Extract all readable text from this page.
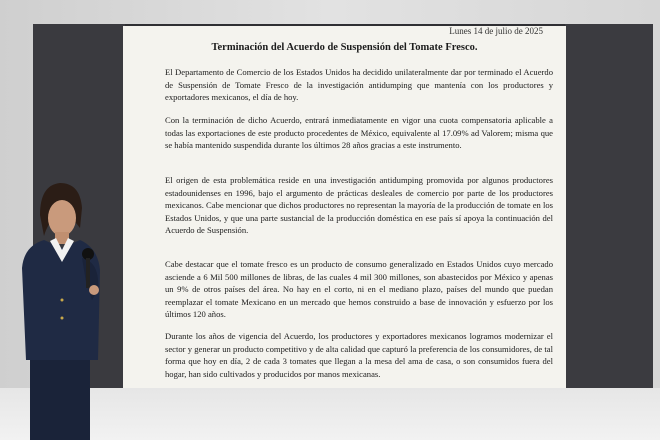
Lunes 14 de julio de 2025
Terminación del Acuerdo de Suspensión del Tomate Fresco.

El Departamento de Comercio de los Estados Unidos ha decidido unilateralmente dar por terminado el Acuerdo de Suspensión de Tomate Fresco de la investigación antidumping que mantenía con los productores y exportadores mexicanos, el día de hoy.

Con la terminación de dicho Acuerdo, entrará inmediatamente en vigor una cuota compensatoria aplicable a todas las exportaciones de este producto procedentes de México, equivalente al 17.09% ad Valorem; misma que se había mantenido suspendida durante los últimos 28 años gracias a este instrumento.

El origen de esta problemática reside en una investigación antidumping promovida por algunos productores estadounidenses en 1996, bajo el argumento de prácticas desleales de comercio por parte de los productores mexicanos. Cabe mencionar que dichos productores no representan la mayoría de la producción de tomate en los Estados Unidos, y que una parte sustancial de la producción doméstica en ese país sí apoya la continuación del Acuerdo de Suspensión.

Cabe destacar que el tomate fresco es un producto de consumo generalizado en Estados Unidos cuyo mercado asciende a 6 Mil 500 millones de libras, de las cuales 4 mil 300 millones, son abastecidos por México y apenas un 9% de otros países del área. No hay en el corto, ni en el mediano plazo, países del mundo que puedan reemplazar el tomate Mexicano en un mercado que hemos construido a base de innovación y esfuerzo por los últimos 120 años.

Durante los años de vigencia del Acuerdo, los productores y exportadores mexicanos logramos modernizar el sector y generar un producto competitivo y de alta calidad que capturó la preferencia de los consumidores, de tal forma que hoy en día, 2 de cada 3 tomates que llegan a la mesa del ama de casa, o son consumidos fuera del hogar, han sido cultivados y producidos por manos mexicanas.
